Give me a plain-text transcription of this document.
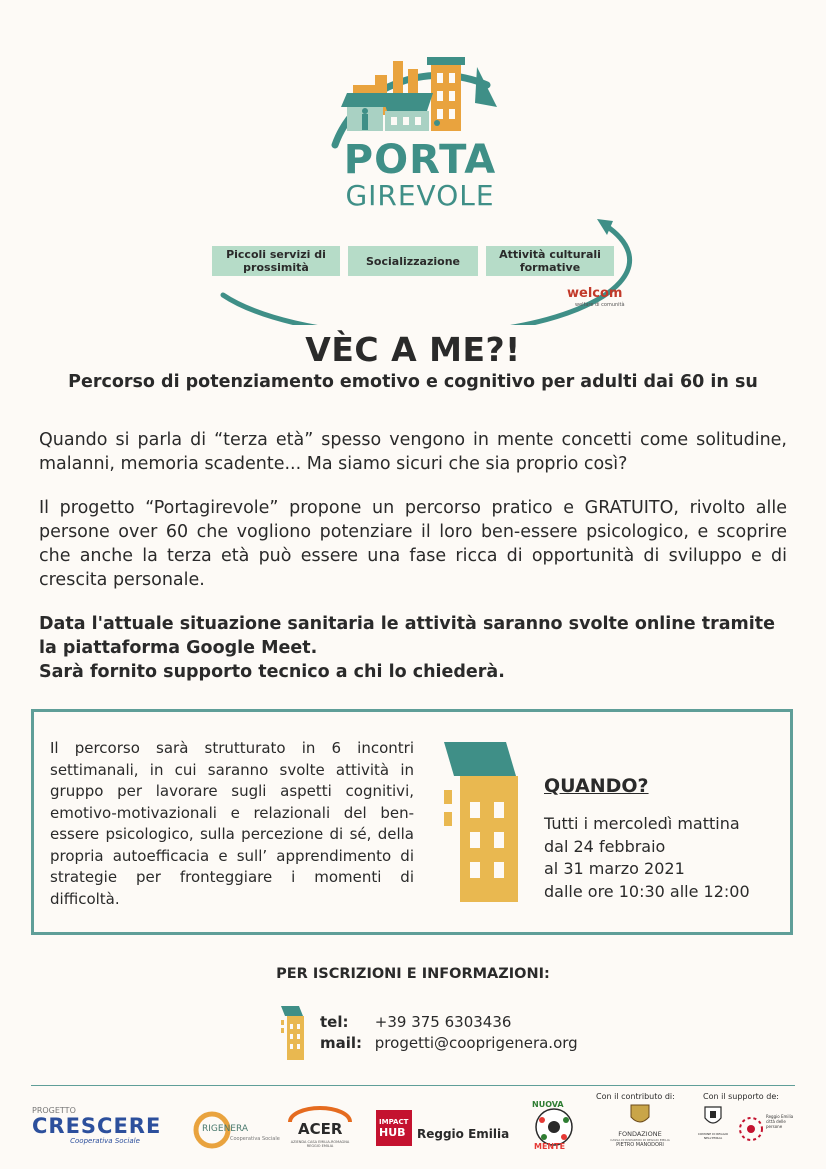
PORTA
GIREVOLE
welcom
welfare di comunità
Piccoli servizi di prossimità	Socializzazione	Attività culturali formative
VÈC A ME?!
Percorso di potenziamento emotivo e cognitivo per adulti dai 60 in su
Quando si parla di “terza età” spesso vengono in mente concetti come solitudine, malanni, memoria scadente... Ma siamo sicuri che sia proprio così?
Il progetto “Portagirevole” propone un percorso pratico e GRATUITO, rivolto alle persone over 60 che vogliono potenziare il loro ben-essere psicologico, e scoprire che anche la terza età può essere una fase ricca di opportunità di sviluppo e di crescita personale.
Data l'attuale situazione sanitaria le attività saranno svolte online tramite la piattaforma Google Meet.
Sarà fornito supporto tecnico a chi lo chiederà.
Il percorso sarà strutturato in 6 incontri settimanali, in cui saranno svolte attività in gruppo per lavorare sugli aspetti cognitivi, emotivo-motivazionali e relazionali del ben-essere psicologico, sulla percezione di sé, della propria autoefficacia e sull’ apprendimento di strategie per fronteggiare i momenti di difficoltà.
QUANDO?
Tutti i mercoledì mattina
dal 24 febbraio
al 31 marzo 2021
dalle ore 10:30 alle 12:00
PER ISCRIZIONI E INFORMAZIONI:
tel: +39 375 6303436
mail: progetti@cooprigenera.org
Con il contributo di:	Con il supporto de:
PROGETTO
CRESCERE
Cooperativa Sociale
RIGENERA
Cooperativa Sociale
ACER
AZIENDA CASA EMILIA-ROMAGNA REGGIO EMILIA
IMPACT
HUB Reggio Emilia
NUOVA
MENTE
FONDAZIONE
CASSA DI RISPARMIO DI REGGIO EMILIA
PIETRO MANODORI
COMUNE DI REGGIO NELL'EMILIA
Reggio Emilia città delle persone
